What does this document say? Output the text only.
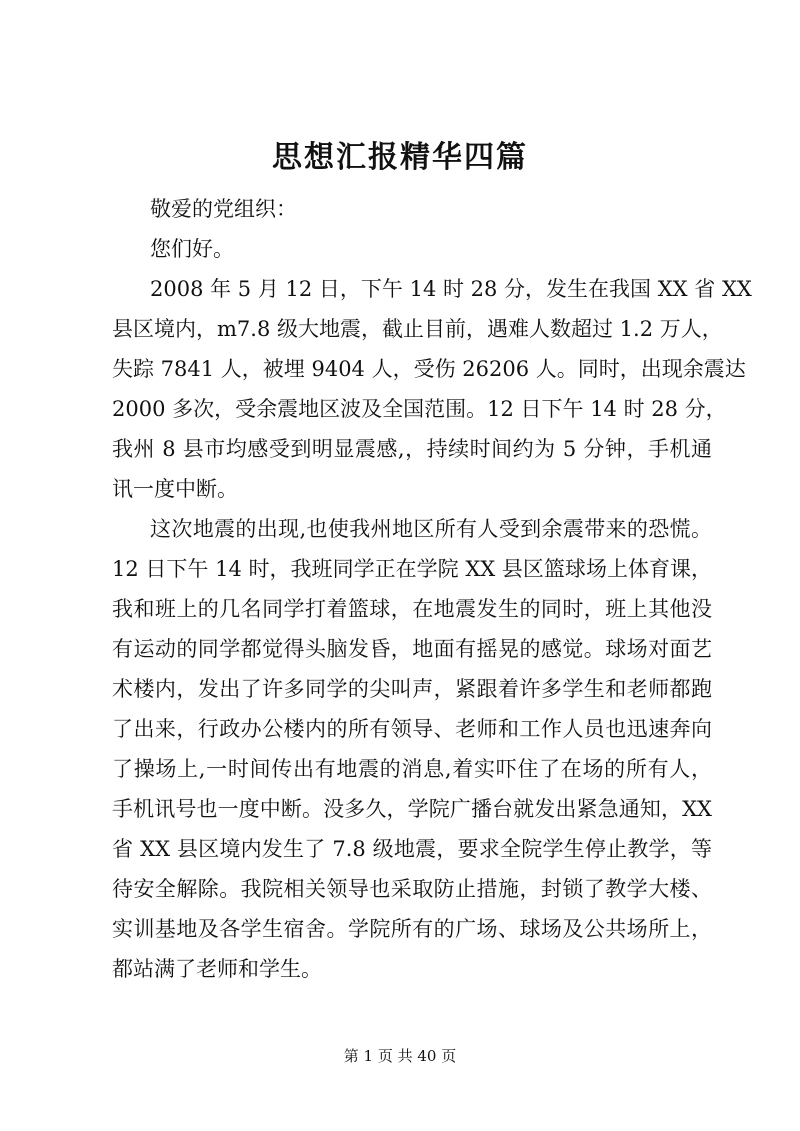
思想汇报精华四篇
敬爱的党组织：
您们好。
2008 年 5 月 12 日，下午 14 时 28 分，发生在我国 XX 省 XX
县区境内，m7.8 级大地震，截止目前，遇难人数超过 1.2 万人，
失踪 7841 人，被埋 9404 人，受伤 26206 人。同时，出现余震达
2000 多次，受余震地区波及全国范围。12 日下午 14 时 28 分，
我州 8 县市均感受到明显震感,，持续时间约为 5 分钟，手机通
讯一度中断。
这次地震的出现,也使我州地区所有人受到余震带来的恐慌。
12 日下午 14 时，我班同学正在学院 XX 县区篮球场上体育课，
我和班上的几名同学打着篮球，在地震发生的同时，班上其他没
有运动的同学都觉得头脑发昏，地面有摇晃的感觉。球场对面艺
术楼内，发出了许多同学的尖叫声，紧跟着许多学生和老师都跑
了出来，行政办公楼内的所有领导、老师和工作人员也迅速奔向
了操场上,一时间传出有地震的消息,着实吓住了在场的所有人，
手机讯号也一度中断。没多久，学院广播台就发出紧急通知，XX
省 XX 县区境内发生了 7.8 级地震，要求全院学生停止教学，等
待安全解除。我院相关领导也采取防止措施，封锁了教学大楼、
实训基地及各学生宿舍。学院所有的广场、球场及公共场所上，
都站满了老师和学生。
第 1 页 共 40 页
